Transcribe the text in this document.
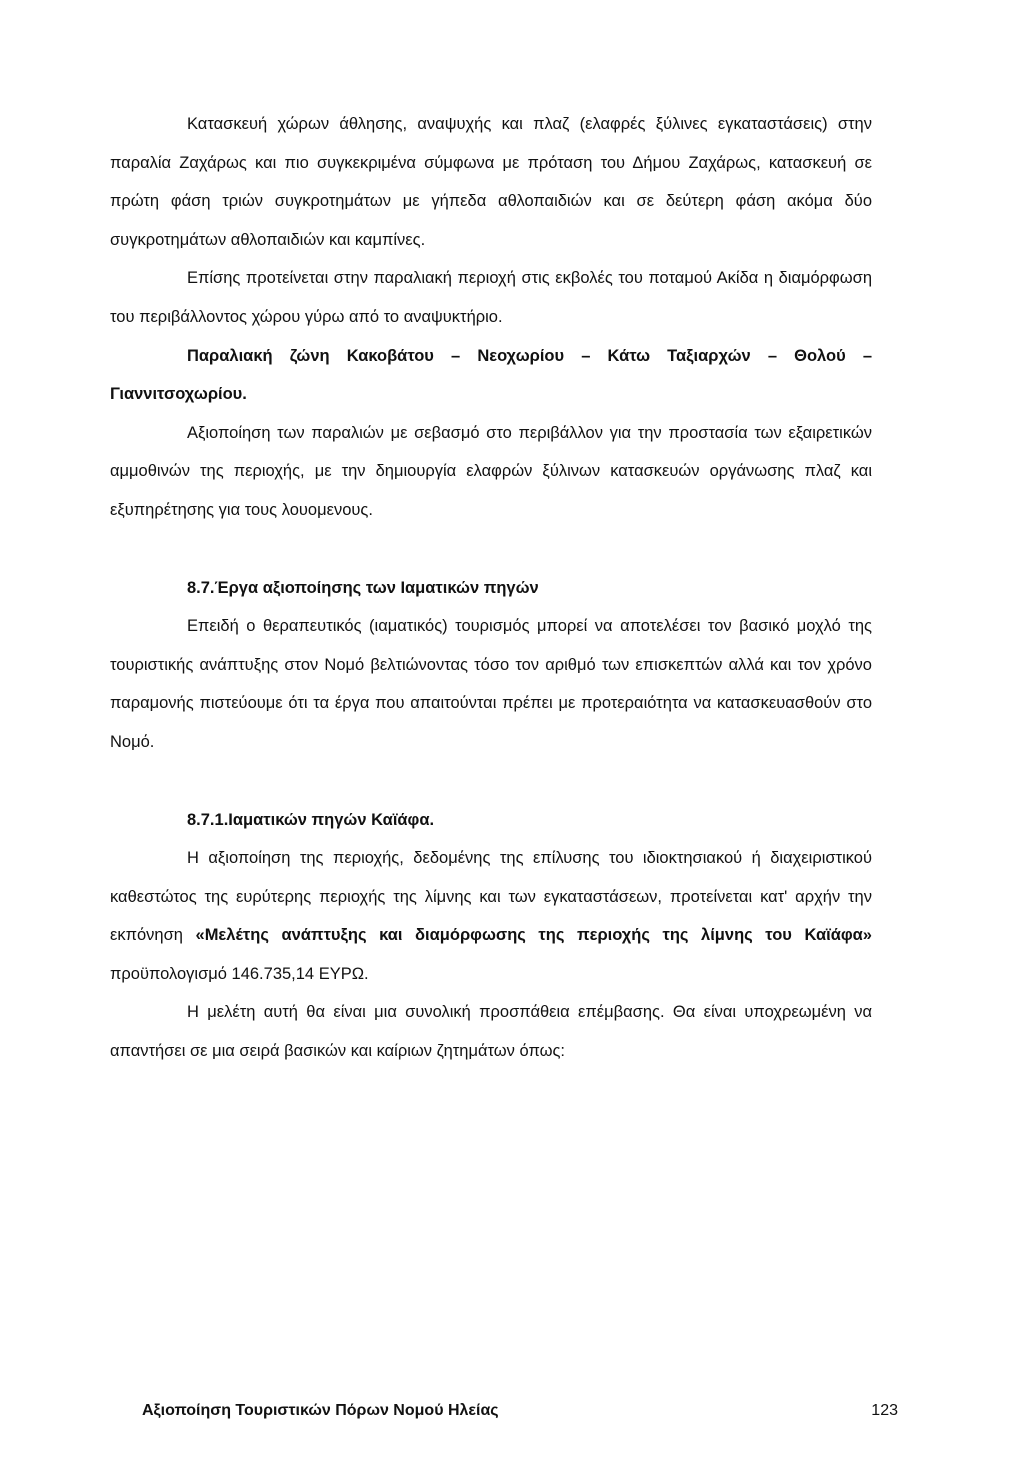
Κατασκευή χώρων άθλησης, αναψυχής και πλαζ (ελαφρές ξύλινες εγκαταστάσεις) στην παραλία Ζαχάρως και πιο συγκεκριμένα σύμφωνα με πρόταση του Δήμου Ζαχάρως, κατασκευή σε πρώτη φάση τριών συγκροτημάτων με γήπεδα αθλοπαιδιών και σε δεύτερη φάση ακόμα δύο συγκροτημάτων αθλοπαιδιών και καμπίνες.

Επίσης προτείνεται στην παραλιακή περιοχή στις εκβολές του ποταμού Ακίδα η διαμόρφωση του περιβάλλοντος χώρου γύρω από το αναψυκτήριο.

Παραλιακή ζώνη Κακοβάτου – Νεοχωρίου – Κάτω Ταξιαρχών – Θολού – Γιαννιτσοχωρίου.

Αξιοποίηση των παραλιών με σεβασμό στο περιβάλλον για την προστασία των εξαιρετικών αμμοθινών της περιοχής, με την δημιουργία ελαφρών ξύλινων κατασκευών οργάνωσης πλαζ και εξυπηρέτησης για τους λουομενους.

8.7.Έργα αξιοποίησης των Ιαματικών πηγών

Επειδή ο θεραπευτικός (ιαματικός) τουρισμός μπορεί να αποτελέσει τον βασικό μοχλό της τουριστικής ανάπτυξης στον Νομό βελτιώνοντας τόσο τον αριθμό των επισκεπτών αλλά και τον χρόνο παραμονής πιστεύουμε ότι τα έργα που απαιτούνται πρέπει με προτεραιότητα να κατασκευασθούν στο Νομό.

8.7.1.Ιαματικών πηγών Καϊάφα.

Η αξιοποίηση της περιοχής, δεδομένης της επίλυσης του ιδιοκτησιακού ή διαχειριστικού καθεστώτος της ευρύτερης περιοχής της λίμνης και των εγκαταστάσεων, προτείνεται κατ' αρχήν την εκπόνηση «Μελέτης ανάπτυξης και διαμόρφωσης της περιοχής της λίμνης του Καϊάφα» προϋπολογισμό 146.735,14 ΕΥΡΩ.

Η μελέτη αυτή θα είναι μια συνολική προσπάθεια επέμβασης. Θα είναι υποχρεωμένη να απαντήσει σε μια σειρά βασικών και καίριων ζητημάτων όπως:

Αξιοποίηση Τουριστικών Πόρων Νομού Ηλείας	123
